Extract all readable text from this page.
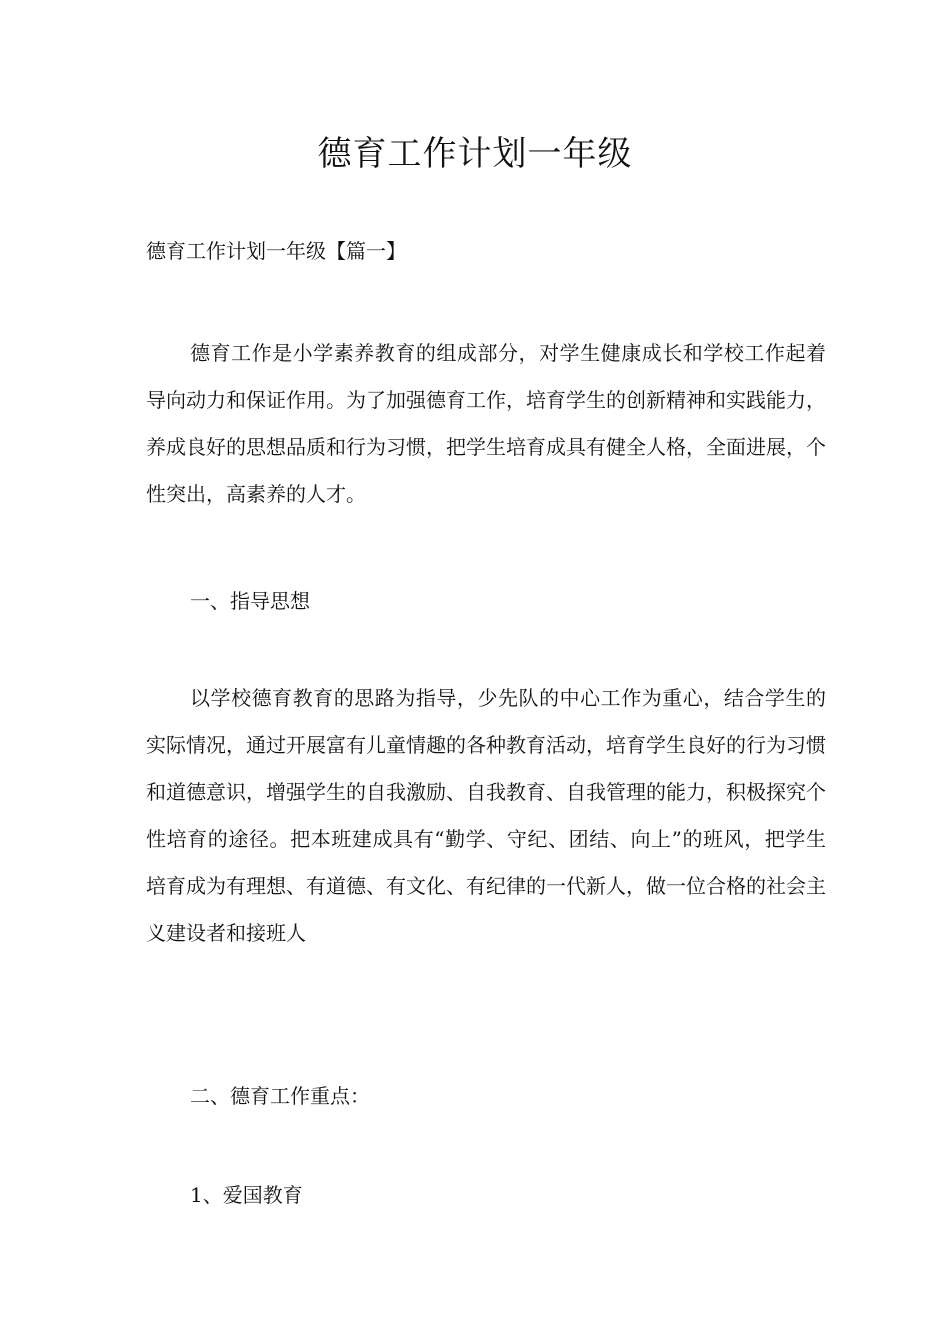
德育工作计划一年级
德育工作计划一年级【篇一】

德育工作是小学素养教育的组成部分，对学生健康成长和学校工作起着导向动力和保证作用。为了加强德育工作，培育学生的创新精神和实践能力，养成良好的思想品质和行为习惯，把学生培育成具有健全人格，全面进展，个性突出，高素养的人才。

一、指导思想

以学校德育教育的思路为指导，少先队的中心工作为重心，结合学生的实际情况，通过开展富有儿童情趣的各种教育活动，培育学生良好的行为习惯和道德意识，增强学生的自我激励、自我教育、自我管理的能力，积极探究个性培育的途径。把本班建成具有“勤学、守纪、团结、向上”的班风，把学生培育成为有理想、有道德、有文化、有纪律的一代新人，做一位合格的社会主义建设者和接班人

二、德育工作重点：
1、爱国教育
